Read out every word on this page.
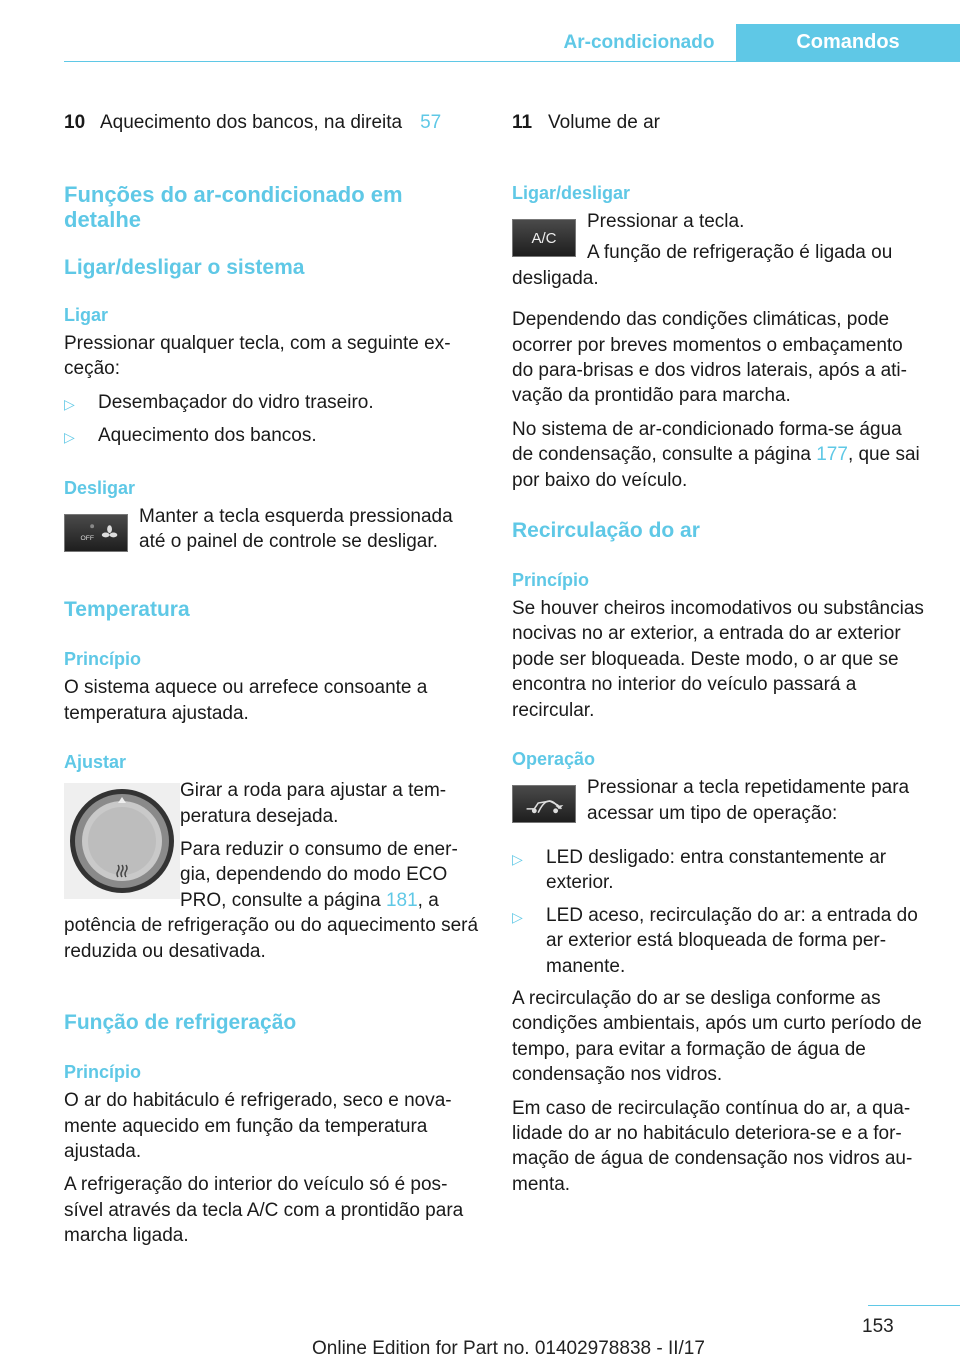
Ar-condicionado	Comandos
10 Aquecimento dos bancos, na direita 57
Funções do ar-condicionado em detalhe
Ligar/desligar o sistema
Ligar

Pressionar qualquer tecla, com a seguinte exceção:

▷	Desembaçador do vidro traseiro.
▷	Aquecimento dos bancos.
Desligar
OFF

Manter a tecla esquerda pressionada até o painel de controle se desligar.

Temperatura
Princípio

O sistema aquece ou arrefece consoante a temperatura ajustada.

Ajustar

Girar a roda para ajustar a temperatura desejada.

Para reduzir o consumo de energia, dependendo do modo ECO PRO, consulte a página 181, a

potência de refrigeração ou do aquecimento será reduzida ou desativada.

Função de refrigeração
Princípio

O ar do habitáculo é refrigerado, seco e novamente aquecido em função da temperatura ajustada.

A refrigeração do interior do veículo só é possível através da tecla A/C com a prontidão para marcha ligada.

11 Volume de ar
Ligar/desligar
A/C

Pressionar a tecla.

A função de refrigeração é ligada ou

desligada.

Dependendo das condições climáticas, pode ocorrer por breves momentos o embaçamento do para-brisas e dos vidros laterais, após a ativação da prontidão para marcha.

No sistema de ar-condicionado forma-se água de condensação, consulte a página 177, que sai por baixo do veículo.

Recirculação do ar
Princípio

Se houver cheiros incomodativos ou substâncias nocivas no ar exterior, a entrada do ar exterior pode ser bloqueada. Deste modo, o ar que se encontra no interior do veículo passará a recircular.

Operação

Pressionar a tecla repetidamente para acessar um tipo de operação:

▷	LED desligado: entra constantemente ar exterior.
▷	LED aceso, recirculação do ar: a entrada do ar exterior está bloqueada de forma permanente.

A recirculação do ar se desliga conforme as condições ambientais, após um curto período de tempo, para evitar a formação de água de condensação nos vidros.

Em caso de recirculação contínua do ar, a qualidade do ar no habitáculo deteriora-se e a formação de água de condensação nos vidros aumenta.

153
Online Edition for Part no. 01402978838 - II/17
